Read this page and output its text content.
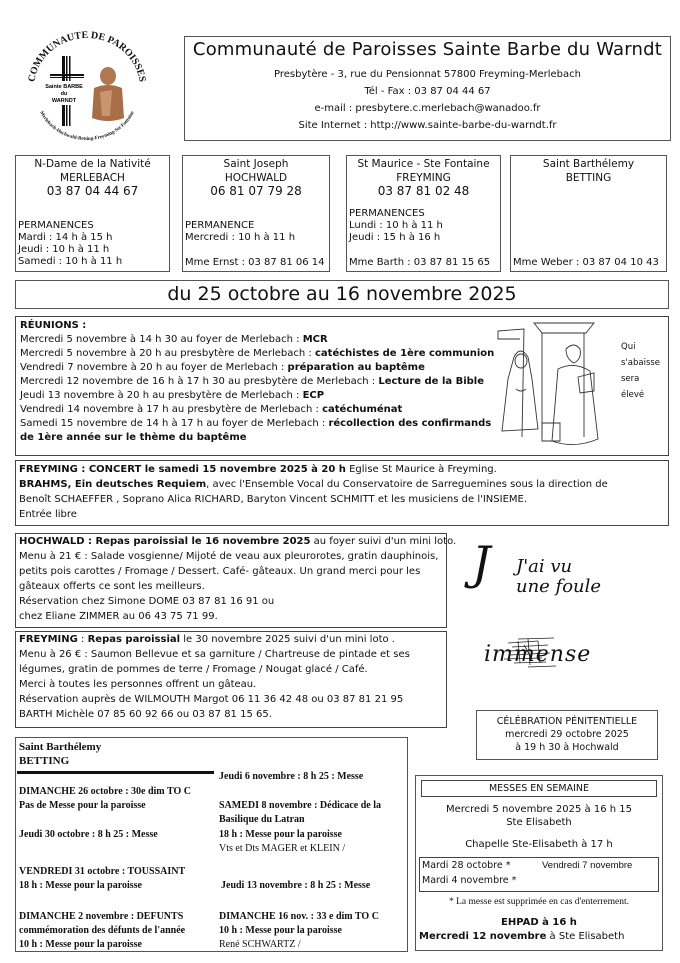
COMMUNAUTE DE PAROISSES
Merlebach-Hochwald-Betting-Freyming-Ste Fontaine
Sainte BARBE
du
WARNDT
Communauté de Paroisses Sainte Barbe du Warndt
Presbytère - 3, rue du Pensionnat 57800 Freyming-Merlebach
Tél - Fax : 03 87 04 44 67
e-mail : presbytere.c.merlebach@wanadoo.fr
Site Internet : http://www.sainte-barbe-du-warndt.fr
N-Dame de la Nativité
MERLEBACH
03 87 04 44 67
PERMANENCES
Mardi : 14 h à 15 h
Jeudi : 10 h à 11 h
Samedi : 10 h à 11 h
Saint Joseph
HOCHWALD
06 81 07 79 28
PERMANENCE
Mercredi : 10 h à 11 h
Mme Ernst : 03 87 81 06 14
St Maurice - Ste Fontaine
FREYMING
03 87 81 02 48
PERMANENCES
Lundi : 10 h à 11 h
Jeudi : 15 h à 16 h
Mme Barth : 03 87 81 15 65
Saint Barthélemy
BETTING
Mme Weber : 03 87 04 10 43
du 25 octobre au 16 novembre 2025
RÉUNIONS :
Mercredi 5 novembre à 14 h 30 au foyer de Merlebach : MCR
Mercredi 5 novembre à 20 h au presbytère de Merlebach : catéchistes de 1ère communion
Vendredi 7 novembre à 20 h au foyer de Merlebach : préparation au baptême
Mercredi 12 novembre de 16 h à 17 h 30 au presbytère de Merlebach : Lecture de la Bible
Jeudi 13 novembre à 20 h au presbytère de Merlebach : ECP
Vendredi 14 novembre à 17 h au presbytère de Merlebach : catéchuménat
Samedi 15 novembre de 14 h à 17 h au foyer de Merlebach : récollection des confirmands
de 1ère année sur le thème du baptême
Qui
s'abaisse
sera
élevé
FREYMING : CONCERT le samedi 15 novembre 2025 à 20 h Eglise St Maurice à Freyming.
BRAHMS, Ein deutsches Requiem, avec l'Ensemble Vocal du Conservatoire de Sarreguemines sous la direction de
Benoît SCHAEFFER , Soprano Alica RICHARD, Baryton Vincent SCHMITT et les musiciens de l'INSIEME.
Entrée libre
HOCHWALD : Repas paroissial le 16 novembre 2025 au foyer suivi d'un mini loto.
Menu à 21 € : Salade vosgienne/ Mijoté de veau aux pleurorotes, gratin dauphinois,
petits pois carottes / Fromage / Dessert. Café- gâteaux. Un grand merci pour les
gâteaux offerts ce sont les meilleurs.
Réservation chez Simone DOME 03 87 81 16 91 ou
chez Eliane ZIMMER au 06 43 75 71 99.
FREYMING : Repas paroissial le 30 novembre 2025 suivi d'un mini loto .
Menu à 26 € : Saumon Bellevue et sa garniture / Chartreuse de pintade et ses
légumes, gratin de pommes de terre / Fromage / Nougat glacé / Café.
Merci à toutes les personnes offrent un gâteau.
Réservation auprès de WILMOUTH Margot 06 11 36 42 48 ou 03 87 81 21 95
BARTH Michèle 07 85 60 92 66 ou 03 87 81 15 65.
J J'ai vu
une foule
immense
CÉLÉBRATION PÉNITENTIELLE
mercredi 29 octobre 2025
à 19 h 30 à Hochwald
Saint Barthélemy
BETTING
DIMANCHE 26 octobre : 30e dim TO C
Pas de Messe pour la paroisse
Jeudi 30 octobre : 8 h 25 : Messe
VENDREDI 31 octobre : TOUSSAINT
18 h : Messe pour la paroisse
DIMANCHE 2 novembre : DEFUNTS
commémoration des défunts de l'année
10 h : Messe pour la paroisse
Jeudi 6 novembre : 8 h 25 : Messe
SAMEDI 8 novembre : Dédicace de la
Basilique du Latran
18 h : Messe pour la paroisse
Vts et Dts MAGER et KLEIN /
Jeudi 13 novembre : 8 h 25 : Messe
DIMANCHE 16 nov. : 33 e dim TO C
10 h : Messe pour la paroisse
René SCHWARTZ /
MESSES EN SEMAINE
Mercredi 5 novembre 2025 à 16 h 15
Ste Elisabeth
Chapelle Ste-Elisabeth à 17 h
Mardi 28 octobre *	Vendredi 7 novembre
Mardi 4 novembre *
* La messe est supprimée en cas d'enterrement.
EHPAD à 16 h
Mercredi 12 novembre à Ste Elisabeth
